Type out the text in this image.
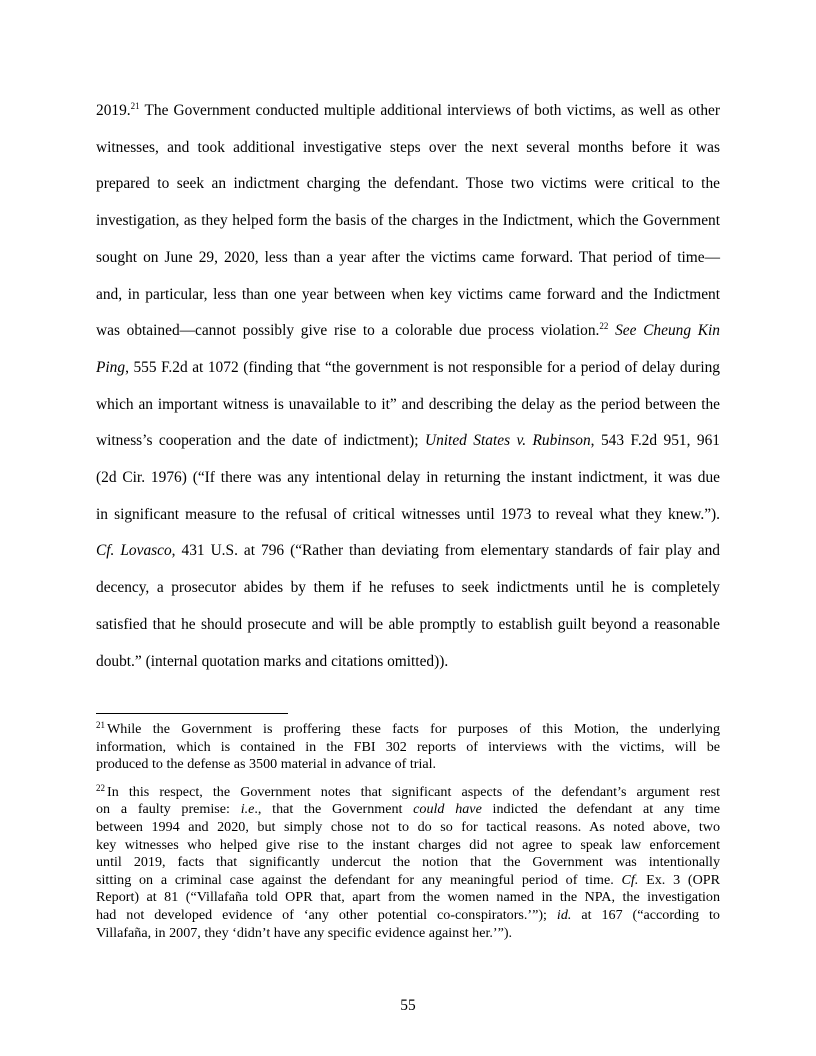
2019.21 The Government conducted multiple additional interviews of both victims, as well as other
witnesses, and took additional investigative steps over the next several months before it was
prepared to seek an indictment charging the defendant. Those two victims were critical to the
investigation, as they helped form the basis of the charges in the Indictment, which the Government
sought on June 29, 2020, less than a year after the victims came forward. That period of time—
and, in particular, less than one year between when key victims came forward and the Indictment
was obtained—cannot possibly give rise to a colorable due process violation.$^{22}$ See Cheung Kin
Ping, 555 F.2d at 1072 (finding that “the government is not responsible for a period of delay during
which an important witness is unavailable to it” and describing the delay as the period between the
witness’s cooperation and the date of indictment); United States v. Rubinson, 543 F.2d 951, 961
(2d Cir. 1976) (“If there was any intentional delay in returning the instant indictment, it was due
in significant measure to the refusal of critical witnesses until 1973 to reveal what they knew.”).
Cf. Lovasco, 431 U.S. at 796 (“Rather than deviating from elementary standards of fair play and
decency, a prosecutor abides by them if he refuses to seek indictments until he is completely
satisfied that he should prosecute and will be able promptly to establish guilt beyond a reasonable
doubt.” (internal quotation marks and citations omitted)).
$^{21}$ While the Government is proffering these facts for purposes of this Motion, the underlying
information, which is contained in the FBI 302 reports of interviews with the victims, will be
produced to the defense as 3500 material in advance of trial.
$^{22}$ In this respect, the Government notes that significant aspects of the defendant’s argument rest
on a faulty premise: i.e., that the Government could have indicted the defendant at any time
between 1994 and 2020, but simply chose not to do so for tactical reasons. As noted above, two
key witnesses who helped give rise to the instant charges did not agree to speak law enforcement
until 2019, facts that significantly undercut the notion that the Government was intentionally
sitting on a criminal case against the defendant for any meaningful period of time. Cf. Ex. 3 (OPR
Report) at 81 (“Villafaña told OPR that, apart from the women named in the NPA, the investigation
had not developed evidence of ‘any other potential co-conspirators.’”); id. at 167 (“according to
Villafaña, in 2007, they ‘didn’t have any specific evidence against her.’”).
55
